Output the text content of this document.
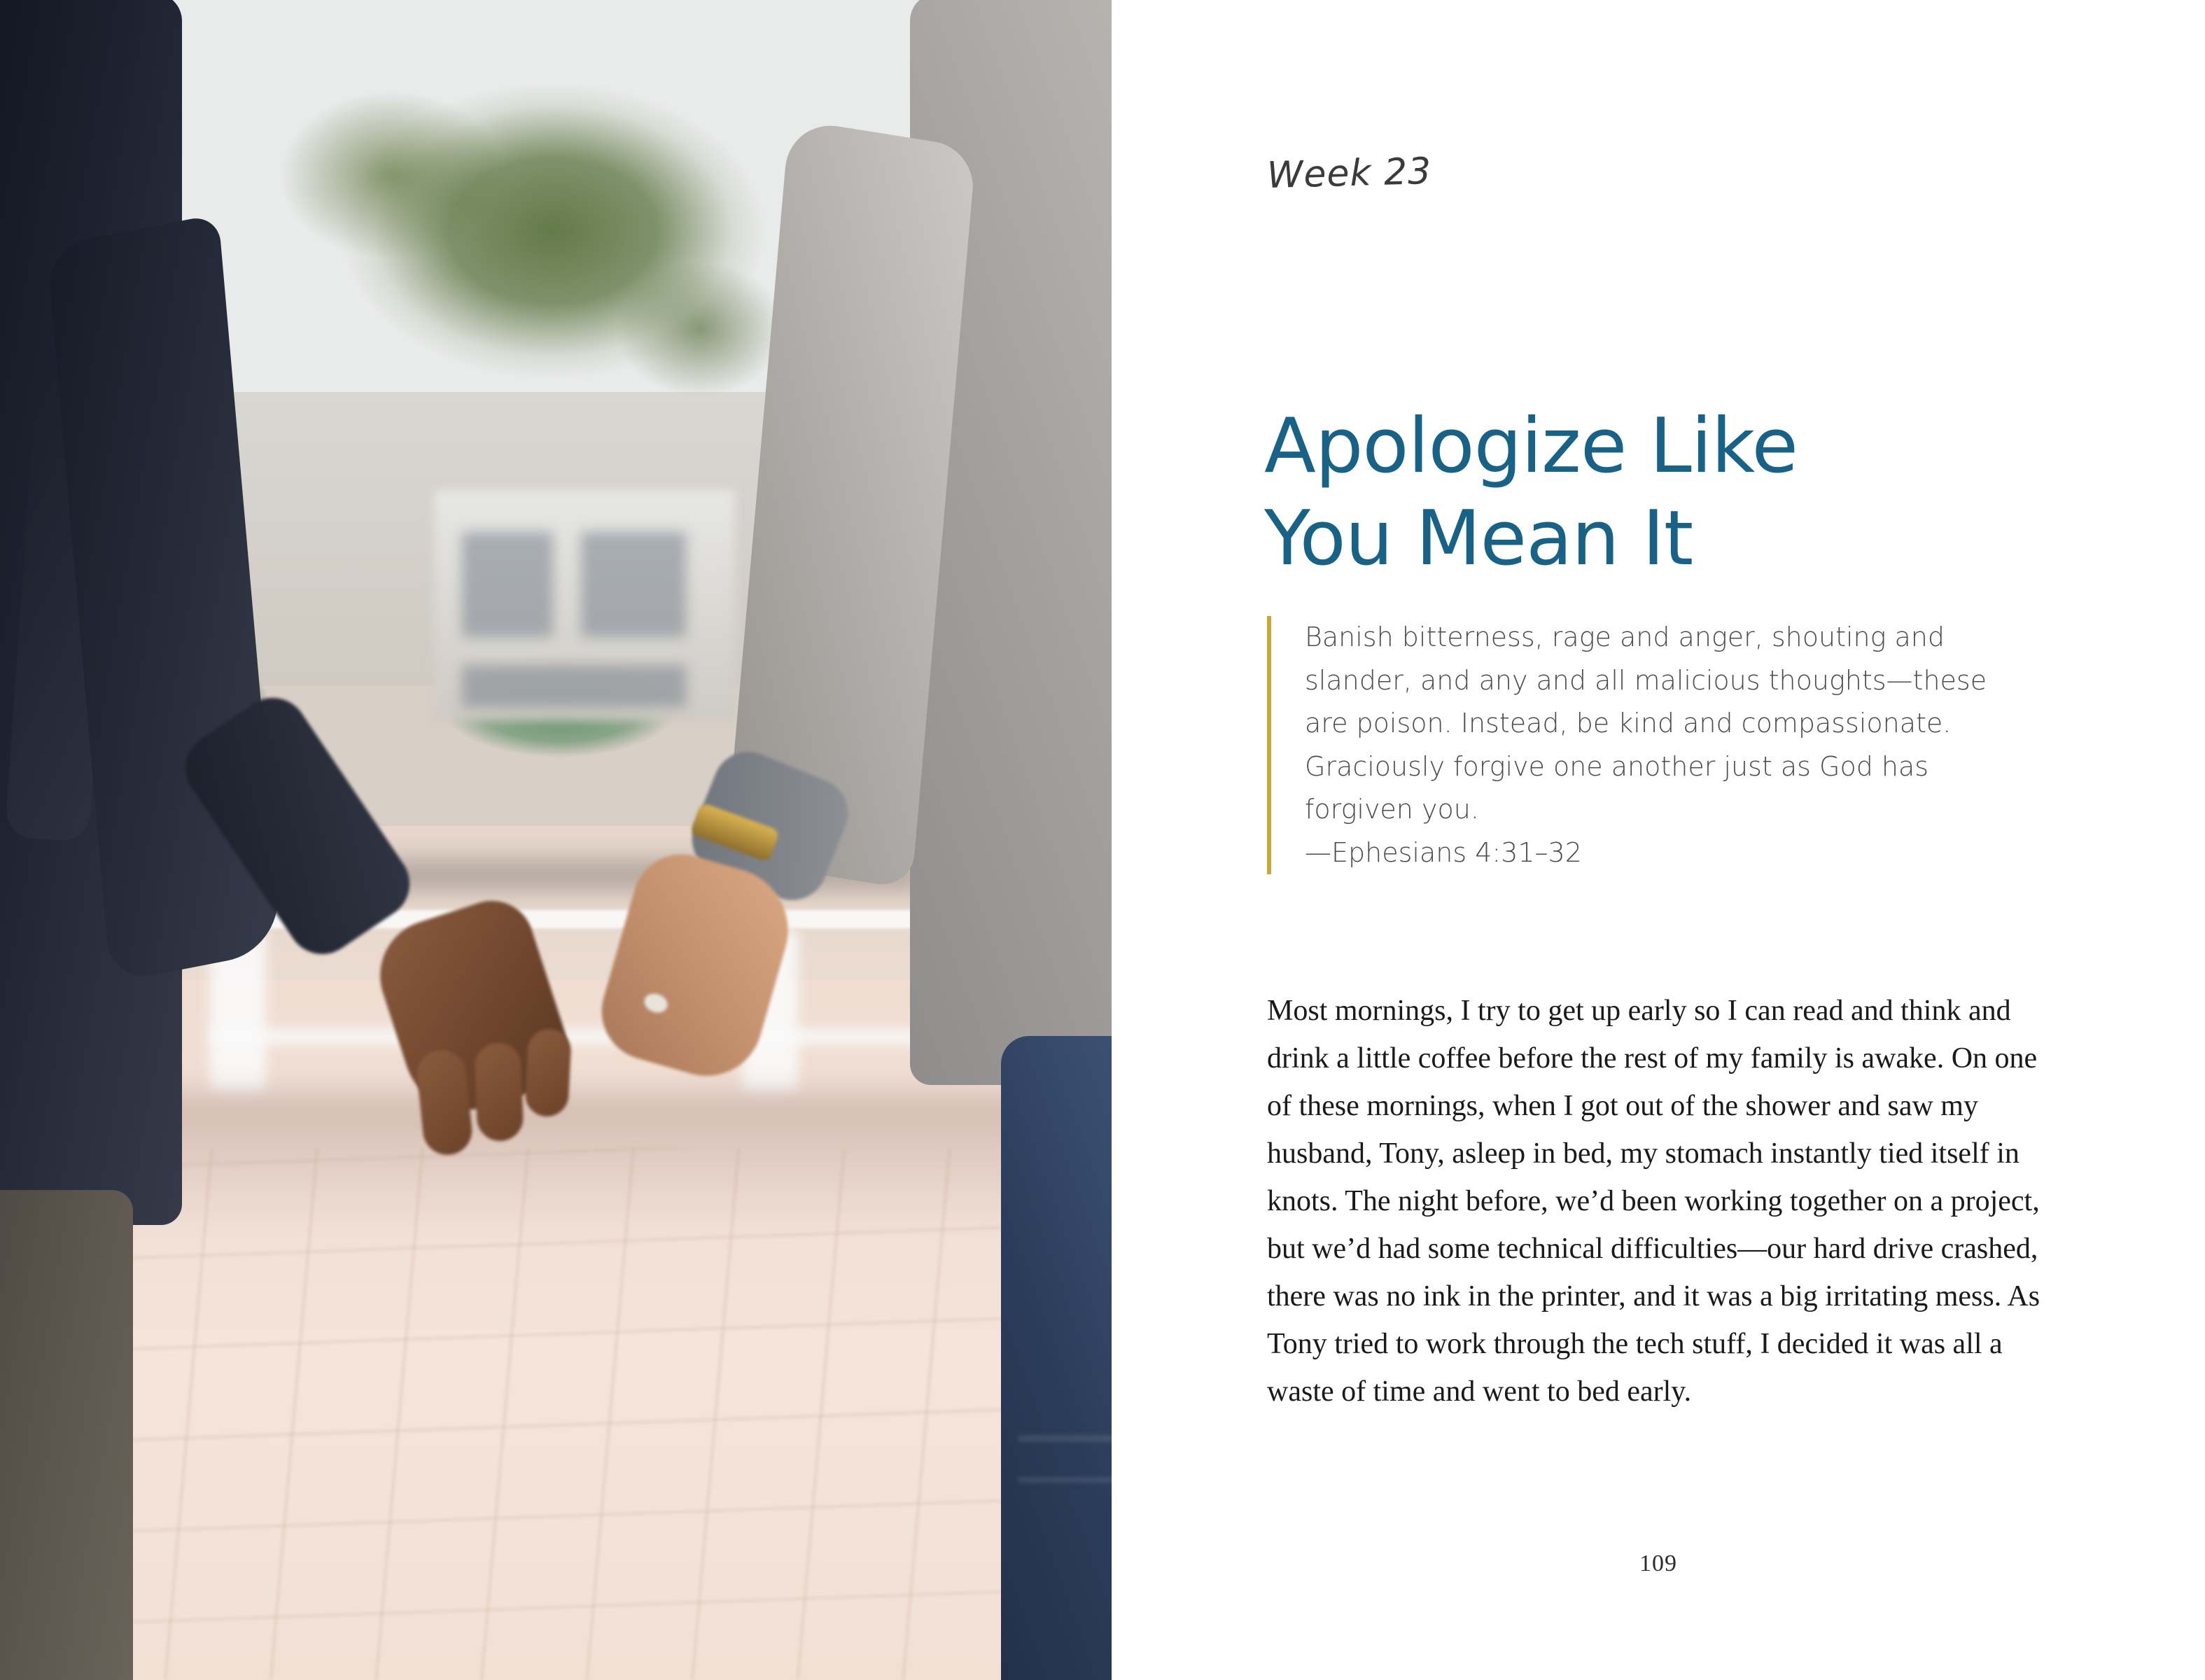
Week 23
Apologize Like
You Mean It

Banish bitterness, rage and anger, shouting and slander, and any and all malicious thoughts—these are poison. Instead, be kind and compassionate. Graciously forgive one another just as God has forgiven you.

—Ephesians 4:31–32

Most mornings, I try to get up early so I can read and think and drink a little coffee before the rest of my family is awake. On one of these mornings, when I got out of the shower and saw my husband, Tony, asleep in bed, my stomach instantly tied itself in knots. The night before, we’d been working together on a project, but we’d had some technical difficulties—our hard drive crashed, there was no ink in the printer, and it was a big irritating mess. As Tony tried to work through the tech stuff, I decided it was all a waste of time and went to bed early.

109
